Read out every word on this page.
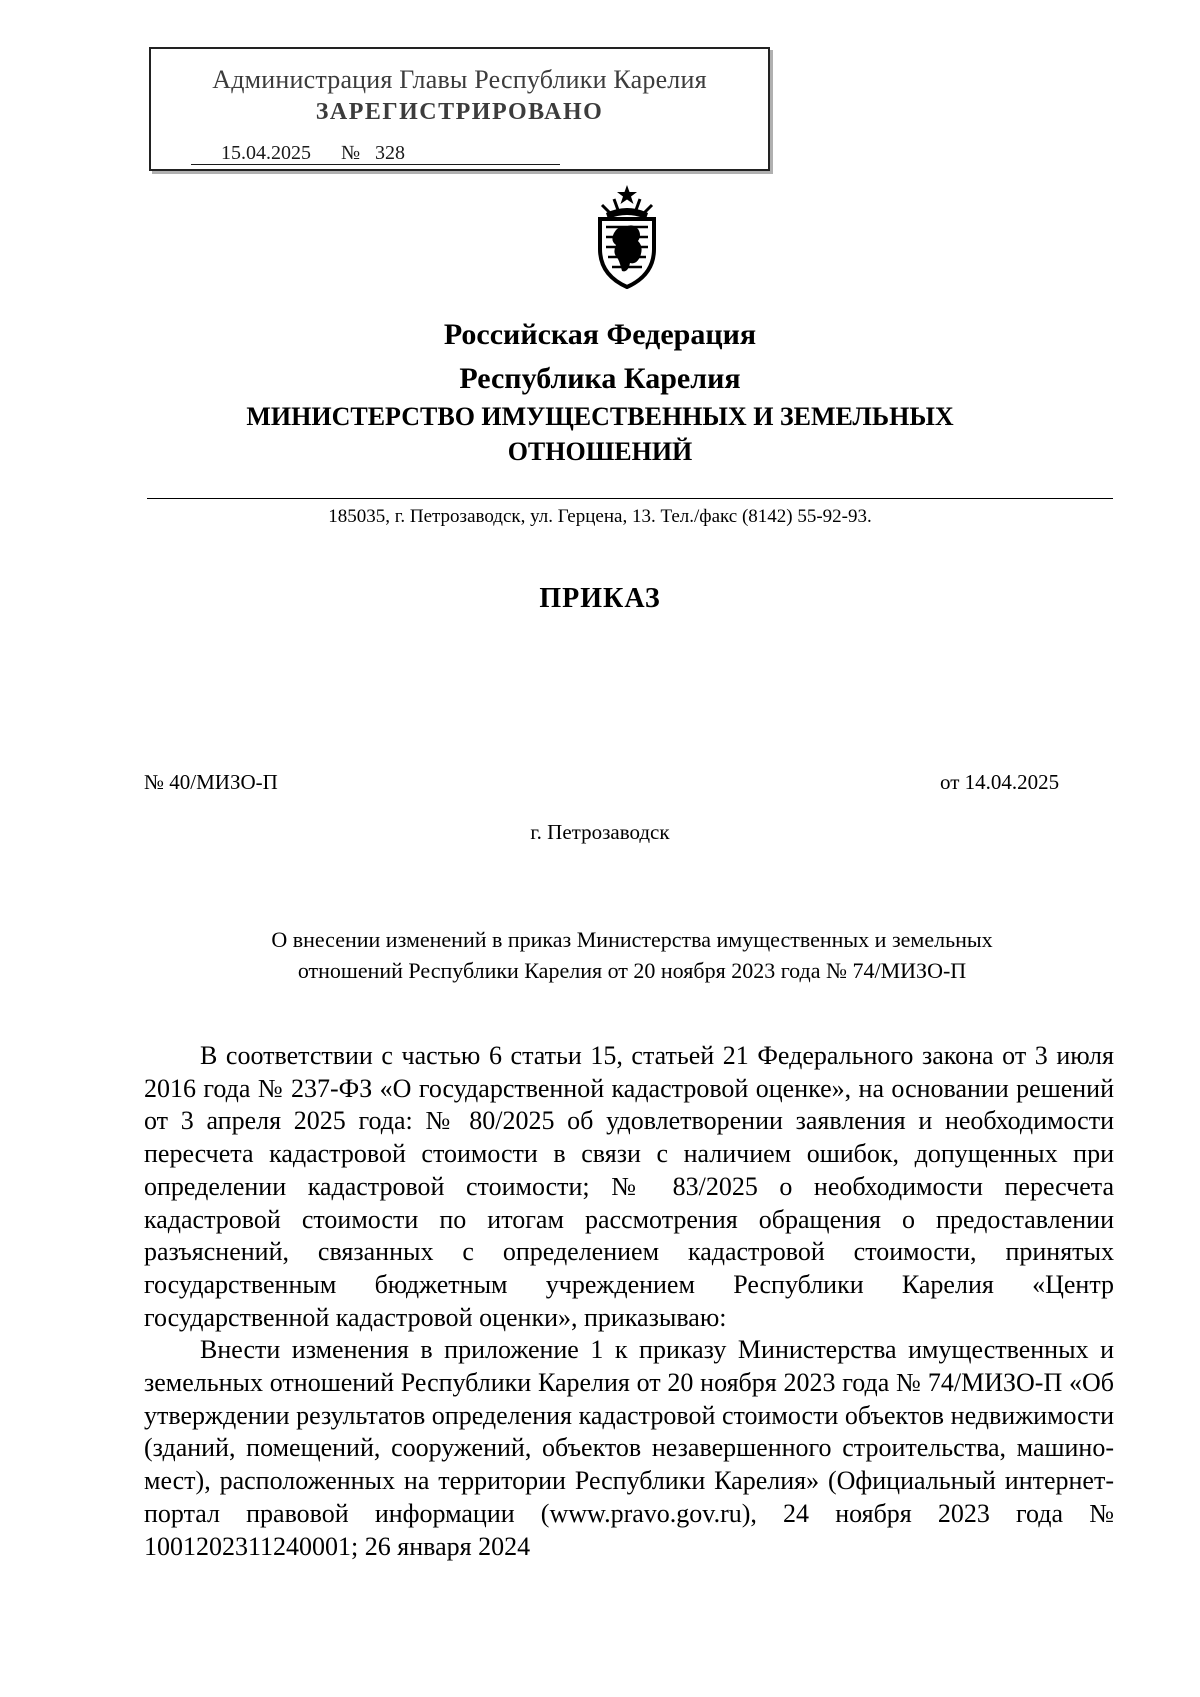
Администрация Главы Республики Карелия
ЗАРЕГИСТРИРОВАНО
15.04.2025 № 328
Российская Федерация
Республика Карелия
МИНИСТЕРСТВО ИМУЩЕСТВЕННЫХ И ЗЕМЕЛЬНЫХ
ОТНОШЕНИЙ
185035, г. Петрозаводск, ул. Герцена, 13. Тел./факс (8142) 55-92-93.
ПРИКАЗ
№ 40/МИЗО-П	от 14.04.2025
г. Петрозаводск
О внесении изменений в приказ Министерства имущественных и земельных
отношений Республики Карелия от 20 ноября 2023 года № 74/МИЗО-П

В соответствии с частью 6 статьи 15, статьей 21 Федерального закона от 3 июля 2016 года № 237-ФЗ «О государственной кадастровой оценке», на основании решений от 3 апреля 2025 года: № 80/2025 об удовлетворении заявления и необходимости пересчета кадастровой стоимости в связи с наличием ошибок, допущенных при определении кадастровой стоимости; № 83/2025 о необходимости пересчета кадастровой стоимости по итогам рассмотрения обращения о предоставлении разъяснений, связанных с определением кадастровой стоимости, принятых государственным бюджетным учреждением Республики Карелия «Центр государственной кадастровой оценки», приказываю:

Внести изменения в приложение 1 к приказу Министерства имущественных и земельных отношений Республики Карелия от 20 ноября 2023 года № 74/МИЗО-П «Об утверждении результатов определения кадастровой стоимости объектов недвижимости (зданий, помещений, сооружений, объектов незавершенного строительства, машино-мест), расположенных на территории Республики Карелия» (Официальный интернет-портал правовой информации (www.pravo.gov.ru), 24 ноября 2023 года № 1001202311240001; 26 января 2024
